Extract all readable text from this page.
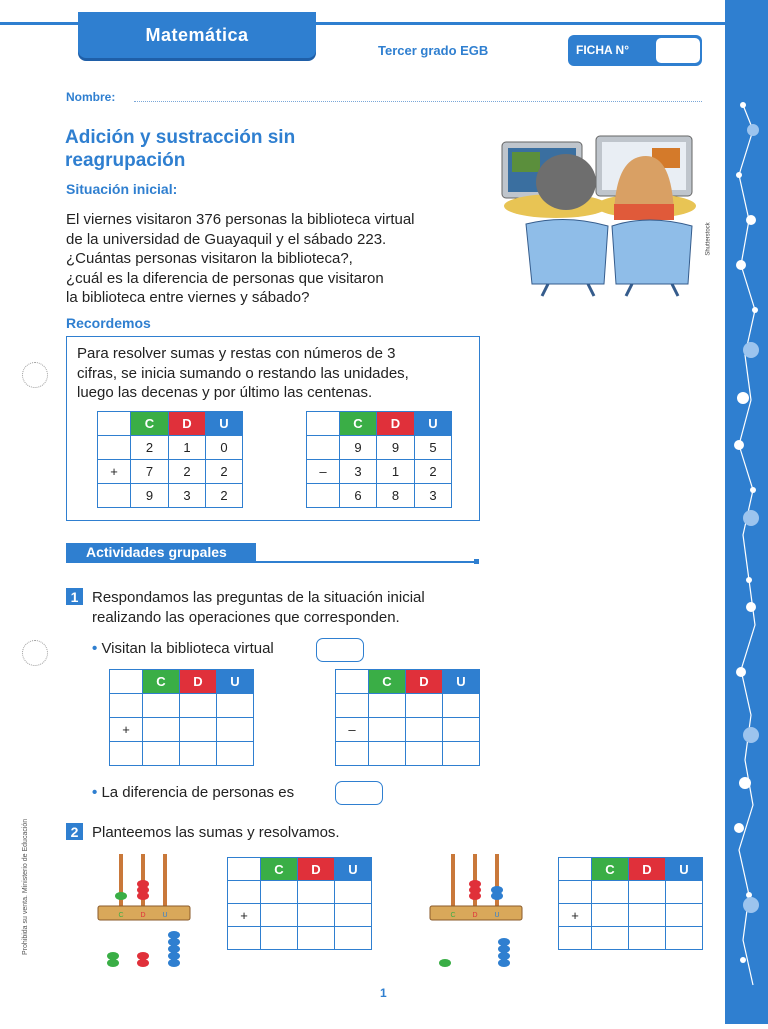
Matemática
Tercer grado EGB	FICHA N°
Nombre:
Adición y sustracción sin reagrupación
Situación inicial:
El viernes visitaron 376 personas la biblioteca virtual
de la universidad de Guayaquil y el sábado 223.
¿Cuántas personas visitaron la biblioteca?,
¿cuál es la diferencia de personas que visitaron
la biblioteca entre viernes y sábado?
Shutterstock
Recordemos
Para resolver sumas y restas con números de 3
cifras, se inicia sumando o restando las unidades,
luego las decenas y por último las centenas.
	C	D	U
	2	1	0
+	7	2	2
	9	3	2
	C	D	U
	9	9	5
–	3	1	2
	6	8	3
Actividades grupales
1 Respondamos las preguntas de la situación inicial
realizando las operaciones que corresponden.
• Visitan la biblioteca virtual
	C	D	U

+			

	C	D	U

–			

• La diferencia de personas es
2 Planteemos las sumas y resolvamos.
C D U
	C	D	U

+			
				C D U
	C	D	U

+			

Prohibida su venta. Ministerio de Educación
1
